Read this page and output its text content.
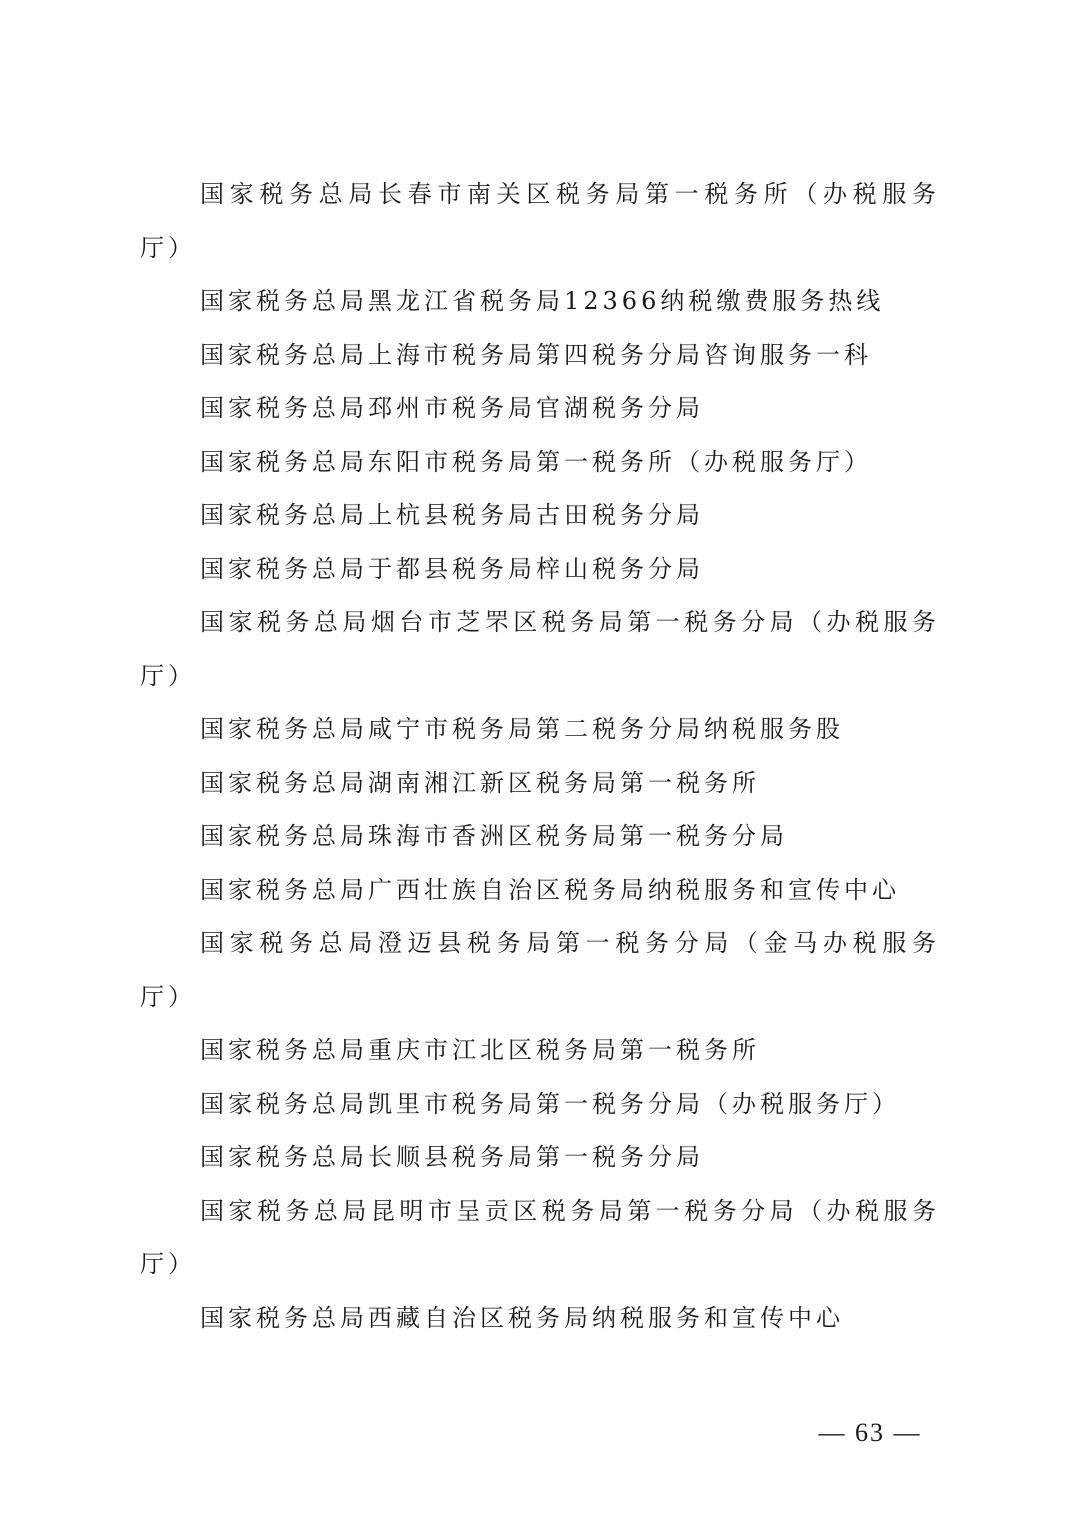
国家税务总局长春市南关区税务局第一税务所（办税服务厅）
国家税务总局黑龙江省税务局12366纳税缴费服务热线
国家税务总局上海市税务局第四税务分局咨询服务一科
国家税务总局邳州市税务局官湖税务分局
国家税务总局东阳市税务局第一税务所（办税服务厅）
国家税务总局上杭县税务局古田税务分局
国家税务总局于都县税务局梓山税务分局
国家税务总局烟台市芝罘区税务局第一税务分局（办税服务厅）
国家税务总局咸宁市税务局第二税务分局纳税服务股
国家税务总局湖南湘江新区税务局第一税务所
国家税务总局珠海市香洲区税务局第一税务分局
国家税务总局广西壮族自治区税务局纳税服务和宣传中心
国家税务总局澄迈县税务局第一税务分局（金马办税服务厅）
国家税务总局重庆市江北区税务局第一税务所
国家税务总局凯里市税务局第一税务分局（办税服务厅）
国家税务总局长顺县税务局第一税务分局
国家税务总局昆明市呈贡区税务局第一税务分局（办税服务厅）
国家税务总局西藏自治区税务局纳税服务和宣传中心
— 63 —
